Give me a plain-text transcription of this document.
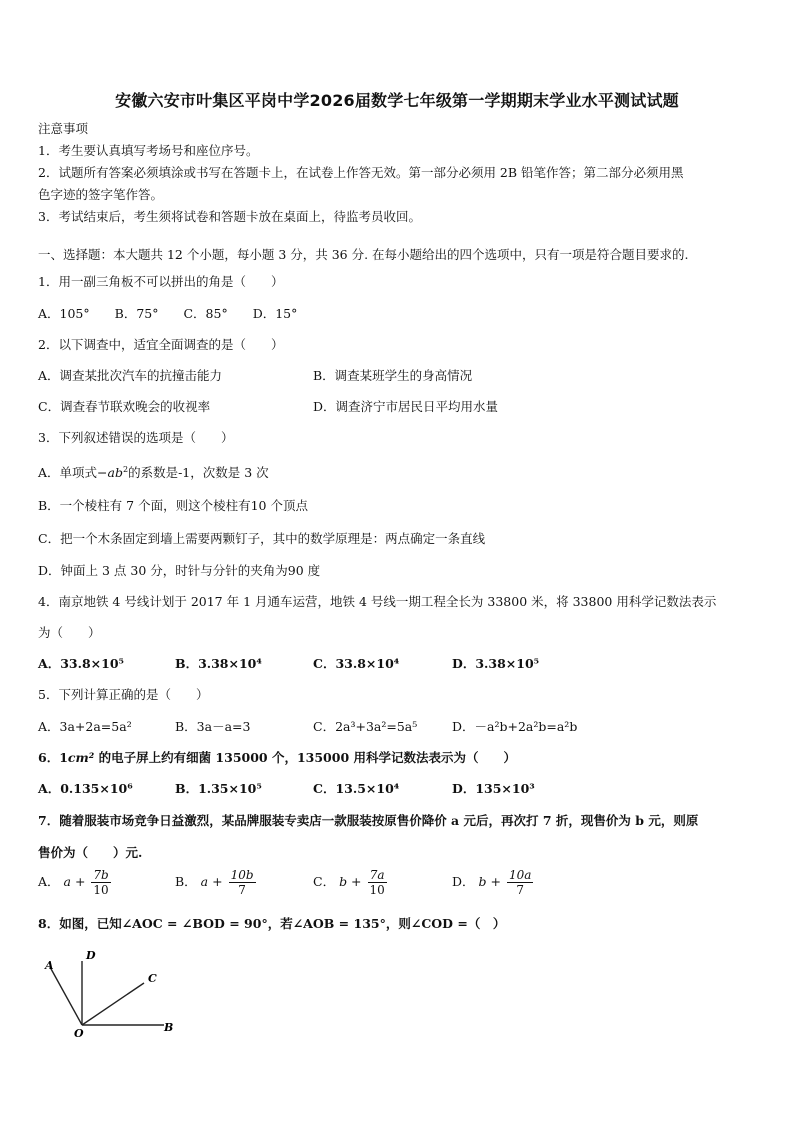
安徽六安市叶集区平岗中学2026届数学七年级第一学期期末学业水平测试试题
注意事项
1．考生要认真填写考场号和座位序号。
2．试题所有答案必须填涂或书写在答题卡上，在试卷上作答无效。第一部分必须用 2B 铅笔作答；第二部分必须用黑
色字迹的签字笔作答。
3．考试结束后，考生须将试卷和答题卡放在桌面上，待监考员收回。
一、选择题：本大题共 12 个小题，每小题 3 分，共 36 分. 在每小题给出的四个选项中，只有一项是符合题目要求的.
1．用一副三角板不可以拼出的角是（　　）
A．105°　　B．75°　　C．85°　　D．15°
2．以下调查中，适宜全面调查的是（　　）
A．调查某批次汽车的抗撞击能力	B．调查某班学生的身高情况
C．调查春节联欢晚会的收视率	D．调查济宁市居民日平均用水量
3．下列叙述错误的选项是（　　）
A．单项式$-ab^2$的系数是-1，次数是 3 次
B．一个棱柱有 7 个面，则这个棱柱有10 个顶点
C．把一个木条固定到墙上需要两颗钉子，其中的数学原理是：两点确定一条直线
D．钟面上 3 点 30 分，时针与分针的夹角为90 度
4．南京地铁 4 号线计划于 2017 年 1 月通车运营，地铁 4 号线一期工程全长为 33800 米，将 33800 用科学记数法表示
为（　　）
A．33.8×10⁵	B．3.38×10⁴	C．33.8×10⁴	D．3.38×10⁵
5．下列计算正确的是（　　）
A．3a+2a=5a²	B．3a－a=3	C．2a³+3a²=5a⁵	D．－a²b+2a²b=a²b
6．1cm² 的电子屏上约有细菌 135000 个，135000 用科学记数法表示为（　　）
A．0.135×10⁶	B．1.35×10⁵	C．13.5×10⁴	D．135×10³
7．随着服装市场竞争日益激烈，某品牌服装专卖店一款服装按原售价降价 a 元后，再次打 7 折，现售价为 b 元，则原
售价为（　　）元.
A． $a + \frac{7b}{10}$	B． $a + \frac{10b}{7}$	C． $b + \frac{7a}{10}$	D． $b + \frac{10a}{7}$
8．如图，已知∠AOC = ∠BOD = 90°，若∠AOB = 135°，则∠COD =（　）
A
D
C
O	B
